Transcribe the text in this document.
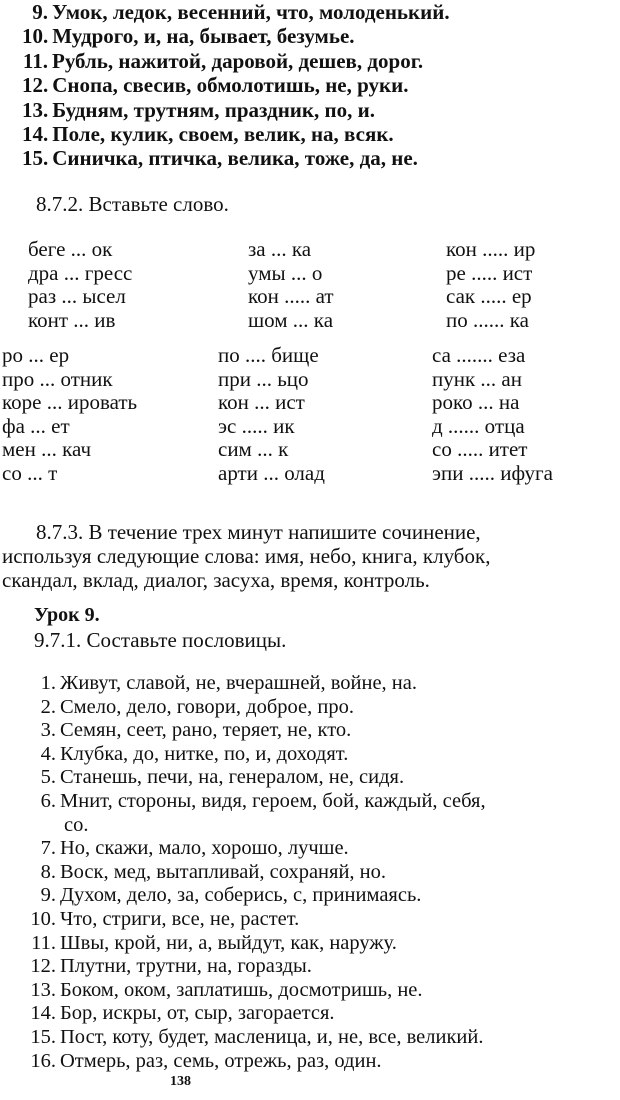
9. Умок, ледок, весенний, что, молоденький.
10. Мудрого, и, на, бывает, безумье.
11. Рубль, нажитой, даровой, дешев, дорог.
12. Снопа, свесив, обмолотишь, не, руки.
13. Будням, трутням, праздник, по, и.
14. Поле, кулик, своем, велик, на, всяк.
15. Синичка, птичка, велика, тоже, да, не.
8.7.2. Вставьте слово.
беге ... ок	за ... ка	кон ..... ир
дра ... гресс	умы ... о	ре ..... ист
раз ... ысел	кон ..... ат	сак ..... ер
конт ... ив	шом ... ка	по ...... ка
ро ... ер	по .... бище	са ....... еза
про ... отник	при ... ьцо	пунк ... ан
коре ... ировать	кон ... ист	роко ... на
фа ... ет	эс ..... ик	д ...... отца
мен ... кач	сим ... к	со ..... итет
со ... т	арти ... олад	эпи ..... ифуга
8.7.3. В течение трех минут напишите сочинение,
используя следующие слова: имя, небо, книга, клубок,
скандал, вклад, диалог, засуха, время, контроль.
Урок 9.
9.7.1. Составьте пословицы.
1. Живут, славой, не, вчерашней, войне, на.
2. Смело, дело, говори, доброе, про.
3. Семян, сеет, рано, теряет, не, кто.
4. Клубка, до, нитке, по, и, доходят.
5. Станешь, печи, на, генералом, не, сидя.
6. Мнит, стороны, видя, героем, бой, каждый, себя,
со.
7. Но, скажи, мало, хорошо, лучше.
8. Воск, мед, вытапливай, сохраняй, но.
9. Духом, дело, за, соберись, с, принимаясь.
10. Что, стриги, все, не, растет.
11. Швы, крой, ни, а, выйдут, как, наружу.
12. Плутни, трутни, на, горазды.
13. Боком, оком, заплатишь, досмотришь, не.
14. Бор, искры, от, сыр, загорается.
15. Пост, коту, будет, масленица, и, не, все, великий.
16. Отмерь, раз, семь, отрежь, раз, один.
138
